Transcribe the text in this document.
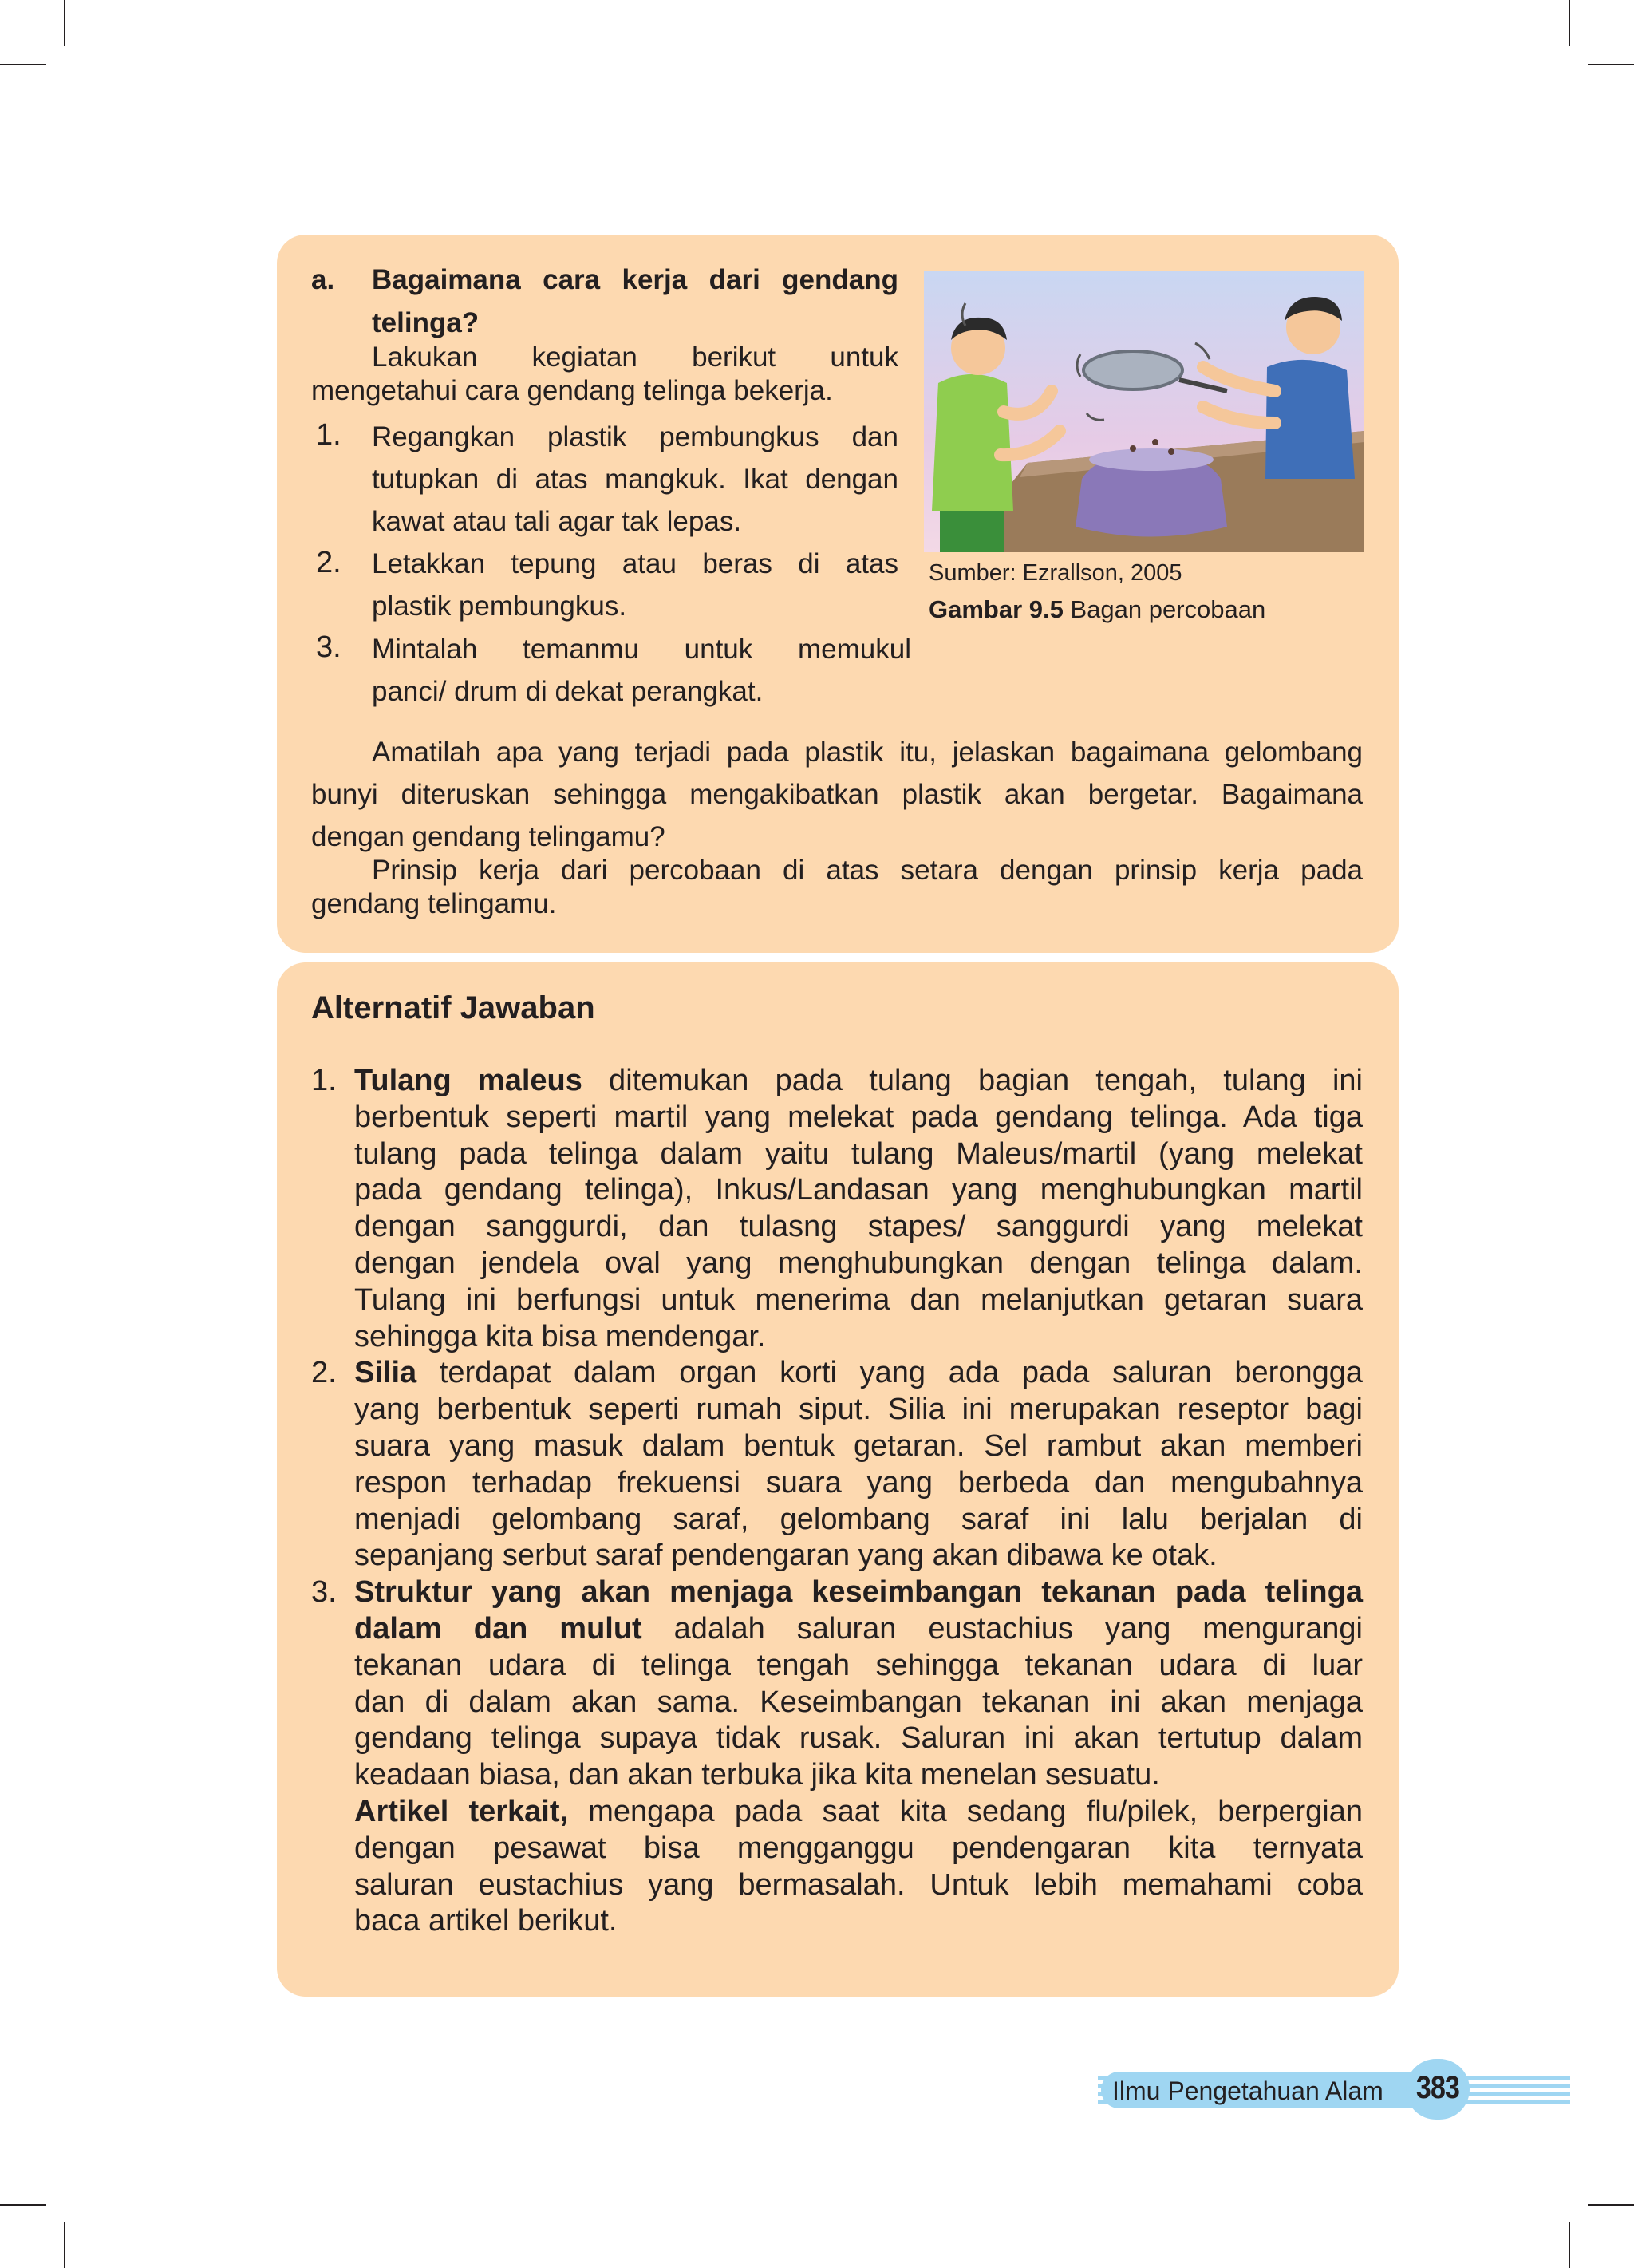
a. Bagaimana cara kerja dari gendang
telinga?
Lakukan kegiatan berikut untuk
mengetahui cara gendang telinga bekerja.
1. Regangkan plastik pembungkus dan
tutupkan di atas mangkuk. Ikat dengan
kawat atau tali agar tak lepas.
2. Letakkan tepung atau beras di atas
plastik pembungkus.
3. Mintalah temanmu untuk memukul
panci/ drum di dekat perangkat.
Amatilah apa yang terjadi pada plastik itu, jelaskan bagaimana gelombang
bunyi diteruskan sehingga mengakibatkan plastik akan bergetar. Bagaimana
dengan gendang telingamu?
Prinsip kerja dari percobaan di atas setara dengan prinsip kerja pada
gendang telingamu.
Sumber: Ezrallson, 2005
Gambar 9.5 Bagan percobaan
Alternatif Jawaban
1. Tulang maleus ditemukan pada tulang bagian tengah, tulang ini
berbentuk seperti martil yang melekat pada gendang telinga. Ada tiga
tulang pada telinga dalam yaitu tulang Maleus/martil (yang melekat
pada gendang telinga), Inkus/Landasan yang menghubungkan martil
dengan sanggurdi, dan tulasng stapes/ sanggurdi yang melekat
dengan jendela oval yang menghubungkan dengan telinga dalam.
Tulang ini berfungsi untuk menerima dan melanjutkan getaran suara
sehingga kita bisa mendengar.
2. Silia terdapat dalam organ korti yang ada pada saluran berongga
yang berbentuk seperti rumah siput. Silia ini merupakan reseptor bagi
suara yang masuk dalam bentuk getaran. Sel rambut akan memberi
respon terhadap frekuensi suara yang berbeda dan mengubahnya
menjadi gelombang saraf, gelombang saraf ini lalu berjalan di
sepanjang serbut saraf pendengaran yang akan dibawa ke otak.
3. Struktur yang akan menjaga keseimbangan tekanan pada telinga
dalam dan mulut adalah saluran eustachius yang mengurangi
tekanan udara di telinga tengah sehingga tekanan udara di luar
dan di dalam akan sama. Keseimbangan tekanan ini akan menjaga
gendang telinga supaya tidak rusak. Saluran ini akan tertutup dalam
keadaan biasa, dan akan terbuka jika kita menelan sesuatu.
Artikel terkait, mengapa pada saat kita sedang flu/pilek, berpergian
dengan pesawat bisa mengganggu pendengaran kita ternyata
saluran eustachius yang bermasalah. Untuk lebih memahami coba
baca artikel berikut.
Ilmu Pengetahuan Alam	383
